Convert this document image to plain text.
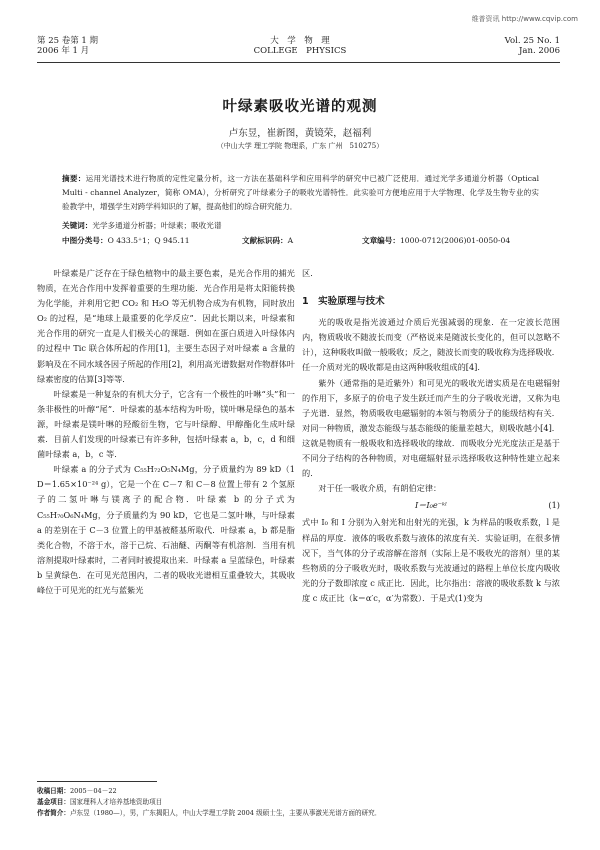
维普资讯 http://www.cqvip.com
第 25 卷第 1 期
2006 年 1 月
大　学　物　理
COLLEGE　PHYSICS
Vol. 25 No. 1
Jan. 2006
叶绿素吸收光谱的观测
卢东昱，崔新图，黄镜荣，赵福利
（中山大学 理工学院 物理系，广东 广州　510275）
摘要：运用光谱技术进行物质的定性定量分析，这一方法在基础科学和应用科学的研究中已被广泛使用．通过光学多通道分析器（Optical Multi - channel Analyzer，简称 OMA），分析研究了叶绿素分子的吸收光谱特性．此实验可方便地应用于大学物理、化学及生物专业的实验教学中，增强学生对跨学科知识的了解，提高他们的综合研究能力．
关键词：光学多通道分析器；叶绿素；吸收光谱
中图分类号：O 433.5⁺1；Q 945.11	文献标识码：A	文章编号：1000-0712(2006)01-0050-04

叶绿素是广泛存在于绿色植物中的最主要色素，是光合作用的捕光物质，在光合作用中发挥着重要的生理功能．光合作用是将太阳能转换为化学能，并利用它把 CO₂ 和 H₂O 等无机物合成为有机物，同时放出 O₂ 的过程，是“地球上最重要的化学反应”．因此长期以来，叶绿素和光合作用的研究一直是人们极关心的课题．例如在蛋白质进入叶绿体内的过程中 Tic 联合体所起的作用[1]，主要生态因子对叶绿素 a 含量的影响及在不同水域各因子所起的作用[2]，利用高光谱数据对作物群体叶绿素密度的估算[3]等等．

叶绿素是一种复杂的有机大分子，它含有一个极性的叶啉“头”和一条非极性的叶醇“尾”．叶绿素的基本结构为叶吩，镁叶啉是绿色的基本源，叶绿素是镁叶啉的羟酸衍生物，它与叶绿醇、甲醇酯化生成叶绿素．目前人们发现的叶绿素已有许多种，包括叶绿素 a，b，c，d 和细菌叶绿素 a，b，c 等．

叶绿素 a 的分子式为 C₅₅H₇₂O₅N₄Mg，分子质量约为 89 kD（1 D＝1.65×10⁻²⁴ g），它是一个在 C－7 和 C－8 位置上带有 2 个氢原子的二氢叶啉与镁离子的配合物．叶绿素 b 的分子式为 C₅₅H₇₀O₆N₄Mg，分子质量约为 90 kD，它也是二氢叶啉，与叶绿素 a 的差别在于 C－3 位置上的甲基被醛基所取代．叶绿素 a，b 都是脂类化合物，不溶于水，溶于己烷、石油醚、丙酮等有机溶剂．当用有机溶剂提取叶绿素时，二者同时被提取出来．叶绿素 a 呈蓝绿色，叶绿素 b 呈黄绿色．在可见光范围内，二者的吸收光谱相互重叠较大，其吸收峰位于可见光的红光与蓝紫光

区．

1　实验原理与技术

光的吸收是指光波通过介质后光强减弱的现象．在一定波长范围内，物质吸收不随波长而变（严格说来是随波长变化的，但可以忽略不计），这种吸收叫做一般吸收；反之，随波长而变的吸收称为选择吸收．任一介质对光的吸收都是由这两种吸收组成的[4]．

紫外（通常指的是近紫外）和可见光的吸收光谱实质是在电磁辐射的作用下，多原子的价电子发生跃迁而产生的分子吸收光谱，又称为电子光谱．显然，物质吸收电磁辐射的本领与物质分子的能级结构有关．对同一种物质，激发态能级与基态能级的能量差越大，则吸收越小[4]．这就是物质有一般吸收和选择吸收的缘故．而吸收分光光度法正是基于不同分子结构的各种物质，对电磁辐射显示选择吸收这种特性建立起来的．

对于任一吸收介质，有朗伯定律：

I＝I₀e⁻ᵏˡ	(1)

式中 I₀ 和 I 分别为入射光和出射光的光强，k 为样品的吸收系数，l 是样品的厚度．液体的吸收系数与液体的浓度有关．实验证明，在很多情况下，当气体的分子或溶解在溶剂（实际上是不吸收光的溶剂）里的某些物质的分子吸收光时，吸收系数与光波通过的路程上单位长度内吸收光的分子数即浓度 c 成正比．因此，比尔指出：溶液的吸收系数 k 与浓度 c 成正比（k＝α′c，α′为常数）．于是式(1)变为

收稿日期：2005－04－22
基金项目：国家理科人才培养基地资助项目
作者简介：卢东昱（1980—），男，广东揭阳人，中山大学理工学院 2004 级硕士生，主要从事激光光谱方面的研究．
